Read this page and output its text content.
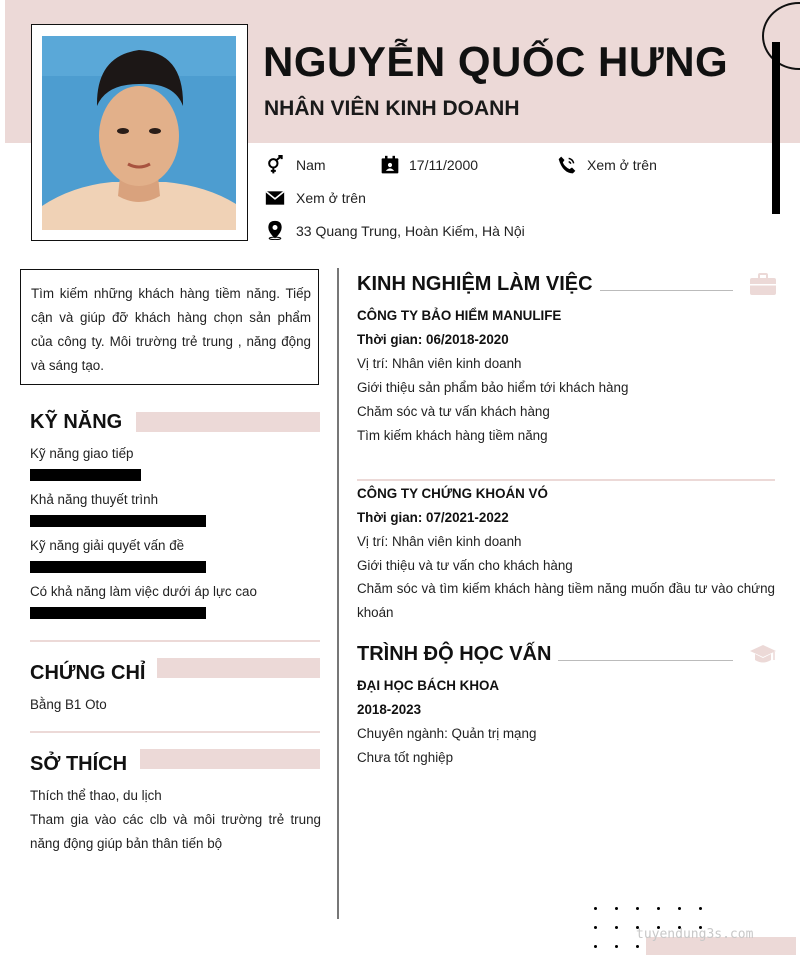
NGUYỄN QUỐC HƯNG
NHÂN VIÊN KINH DOANH
Nam	17/11/2000	Xem ở trên
Xem ở trên
33 Quang Trung, Hoàn Kiếm, Hà Nội
Tìm kiếm những khách hàng tiềm năng. Tiếp cận và giúp đỡ khách hàng chọn sản phẩm của công ty. Môi trường trẻ trung , năng động và sáng tạo.
KỸ NĂNG
Kỹ năng giao tiếp
Khả năng thuyết trình
Kỹ năng giải quyết vấn đề
Có khả năng làm việc dưới áp lực cao
CHỨNG CHỈ
Bằng B1 Oto
SỞ THÍCH
Thích thể thao, du lịch
Tham gia vào các clb và môi trường trẻ trung năng động giúp bản thân tiến bộ
KINH NGHIỆM LÀM VIỆC
CÔNG TY BẢO HIỂM MANULIFE
Thời gian: 06/2018-2020
Vị trí: Nhân viên kinh doanh
Giới thiệu sản phẩm bảo hiểm tới khách hàng
Chăm sóc và tư vấn khách hàng
Tìm kiếm khách hàng tiềm năng
CÔNG TY CHỨNG KHOÁN VÓ
Thời gian: 07/2021-2022
Vị trí: Nhân viên kinh doanh
Giới thiệu và tư vấn cho khách hàng
Chăm sóc và tìm kiếm khách hàng tiềm năng muốn đầu tư vào chứng khoán
TRÌNH ĐỘ HỌC VẤN
ĐẠI HỌC BÁCH KHOA
2018-2023
Chuyên ngành: Quản trị mạng
Chưa tốt nghiệp
tuyendung3s.com
